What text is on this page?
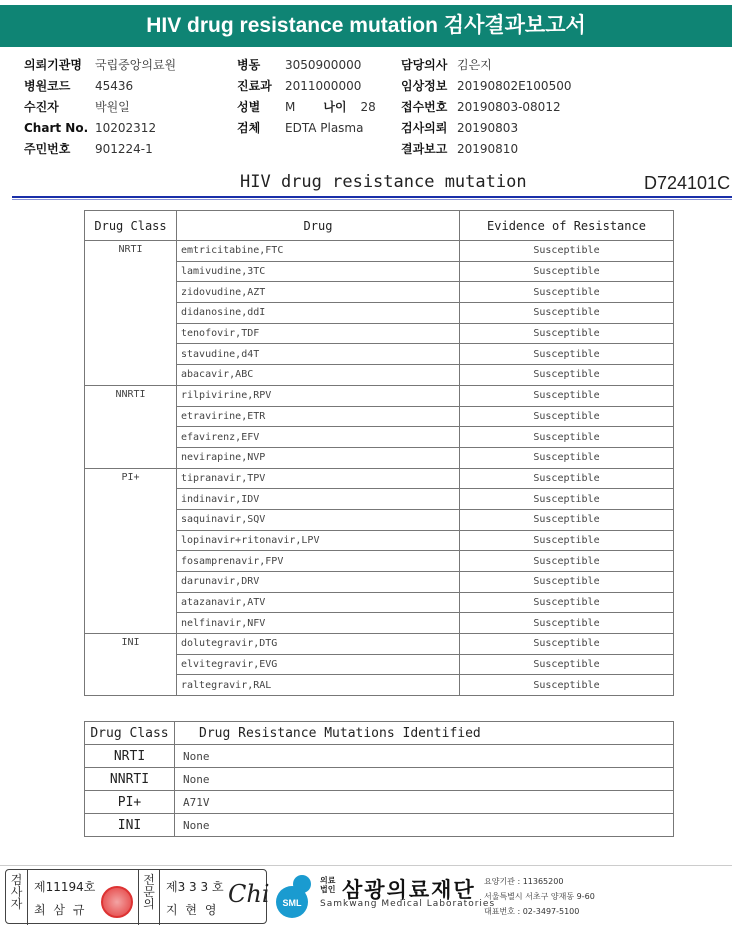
HIV drug resistance mutation 검사결과보고서
의뢰기관명	국립중앙의료원
병원코드	45436
수진자	박원일
Chart No. 10202312
주민번호	901224-1
병동	3050900000
진료과	2011000000
성별	M 나이 28
검체	EDTA Plasma
담당의사 김은지
임상정보 20190802E100500
접수번호 20190803-08012
검사의뢰 20190803
결과보고 20190810
HIV drug resistance mutation	D724101C
Drug Class	Drug	Evidence of Resistance
NRTI	emtricitabine,FTC	Susceptible
	lamivudine,3TC	Susceptible
	zidovudine,AZT	Susceptible
	didanosine,ddI	Susceptible
	tenofovir,TDF	Susceptible
	stavudine,d4T	Susceptible
	abacavir,ABC	Susceptible
NNRTI	rilpivirine,RPV	Susceptible
	etravirine,ETR	Susceptible
	efavirenz,EFV	Susceptible
	nevirapine,NVP	Susceptible
PI+	tipranavir,TPV	Susceptible
	indinavir,IDV	Susceptible
	saquinavir,SQV	Susceptible
	lopinavir+ritonavir,LPV	Susceptible
	fosamprenavir,FPV	Susceptible
	darunavir,DRV	Susceptible
	atazanavir,ATV	Susceptible
	nelfinavir,NFV	Susceptible
INI	dolutegravir,DTG	Susceptible
	elvitegravir,EVG	Susceptible
	raltegravir,RAL	Susceptible
Drug Class	Drug Resistance Mutations Identified
NRTI	None
NNRTI	None
PI+	A71V
INI	None
검사자
제11194호
최 삼 규
전문의
제3 3 3 호
지 현 영
Chi SML
의료 법인 삼광의료재단
Samkwang Medical Laboratories
요양기관 : 11365200
서울특별시 서초구 양재동 9-60
대표번호 : 02-3497-5100
